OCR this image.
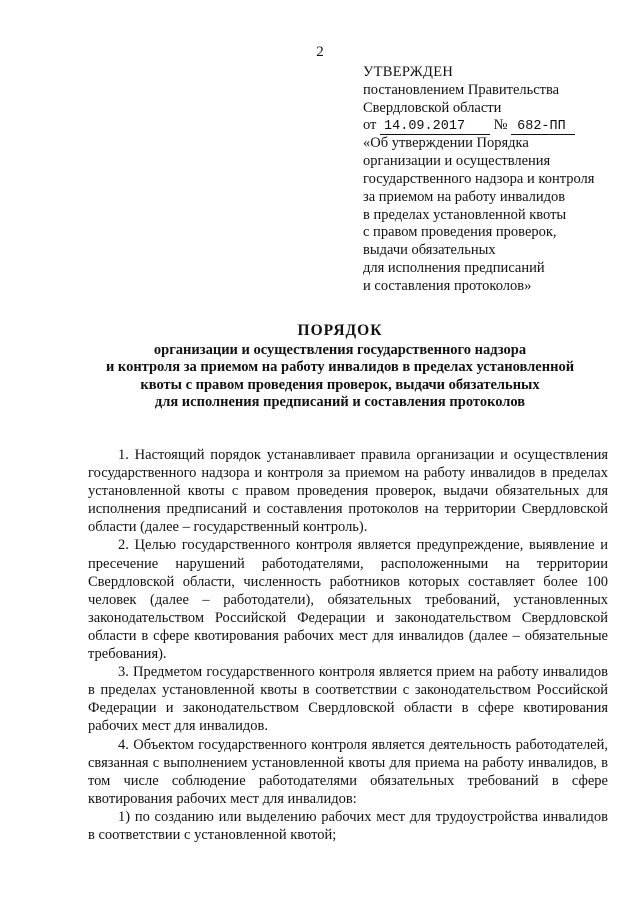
2
УТВЕРЖДЕН
постановлением Правительства
Свердловской области
от 14.09.2017 № 682-ПП
«Об утверждении Порядка
организации и осуществления
государственного надзора и контроля
за приемом на работу инвалидов
в пределах установленной квоты
с правом проведения проверок,
выдачи обязательных
для исполнения предписаний
и составления протоколов»
ПОРЯДОК
организации и осуществления государственного надзора
и контроля за приемом на работу инвалидов в пределах установленной
квоты с правом проведения проверок, выдачи обязательных
для исполнения предписаний и составления протоколов

1. Настоящий порядок устанавливает правила организации и осуществления государственного надзора и контроля за приемом на работу инвалидов в пределах установленной квоты с правом проведения проверок, выдачи обязательных для исполнения предписаний и составления протоколов на территории Свердловской области (далее – государственный контроль).

2. Целью государственного контроля является предупреждение, выявление и пресечение нарушений работодателями, расположенными на территории Свердловской области, численность работников которых составляет более 100 человек (далее – работодатели), обязательных требований, установленных законодательством Российской Федерации и законодательством Свердловской области в сфере квотирования рабочих мест для инвалидов (далее – обязательные требования).

3. Предметом государственного контроля является прием на работу инвалидов в пределах установленной квоты в соответствии с законодательством Российской Федерации и законодательством Свердловской области в сфере квотирования рабочих мест для инвалидов.

4. Объектом государственного контроля является деятельность работодателей, связанная с выполнением установленной квоты для приема на работу инвалидов, в том числе соблюдение работодателями обязательных требований в сфере квотирования рабочих мест для инвалидов:

1) по созданию или выделению рабочих мест для трудоустройства инвалидов в соответствии с установленной квотой;
